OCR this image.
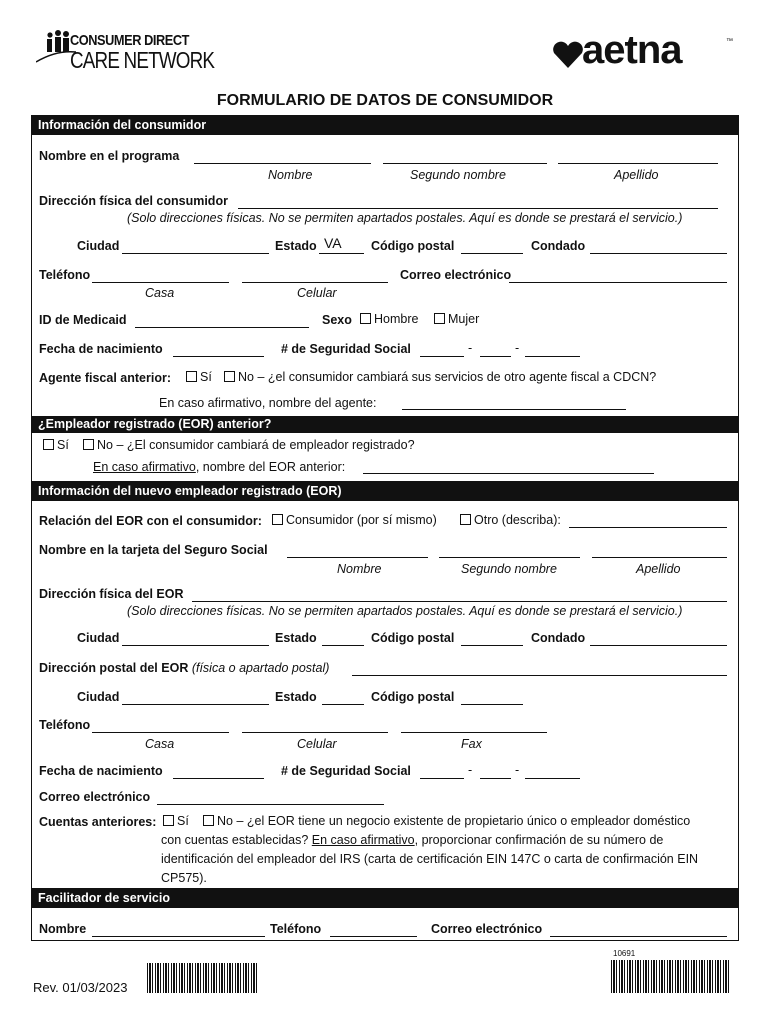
CONSUMER DIRECT
CARE NETWORK	aetna	™
FORMULARIO DE DATOS DE CONSUMIDOR
Información del consumidor
Nombre en el programa
Nombre	Segundo nombre	Apellido
Dirección física del consumidor
(Solo direcciones físicas. No se permiten apartados postales. Aquí es donde se prestará el servicio.)
Ciudad	Estado VA Código postal	Condado
Teléfono	Correo electrónico
Casa	Celular
ID de Medicaid	Sexo	Hombre	Mujer
Fecha de nacimiento	# de Seguridad Social	-	-
Agente fiscal anterior:	Sí	No – ¿el consumidor cambiará sus servicios de otro agente fiscal a CDCN?
En caso afirmativo, nombre del agente:
¿Empleador registrado (EOR) anterior?
Sí	No – ¿El consumidor cambiará de empleador registrado?
En caso afirmativo, nombre del EOR anterior:
Información del nuevo empleador registrado (EOR)
Relación del EOR con el consumidor:	Consumidor (por sí mismo)	Otro (describa):
Nombre en la tarjeta del Seguro Social
Nombre	Segundo nombre	Apellido
Dirección física del EOR
(Solo direcciones físicas. No se permiten apartados postales. Aquí es donde se prestará el servicio.)
Ciudad	Estado	Código postal	Condado
Dirección postal del EOR (física o apartado postal)
Ciudad	Estado	Código postal
Teléfono
Casa	Celular	Fax
Fecha de nacimiento	# de Seguridad Social	-	-
Correo electrónico
Cuentas anteriores:	Sí	No – ¿el EOR tiene un negocio existente de propietario único o empleador doméstico
con cuentas establecidas? En caso afirmativo, proporcionar confirmación de su número de
identificación del empleador del IRS (carta de certificación EIN 147C o carta de confirmación EIN
CP575).
Facilitador de servicio
Nombre	Teléfono	Correo electrónico
10691
Rev. 01/03/2023
